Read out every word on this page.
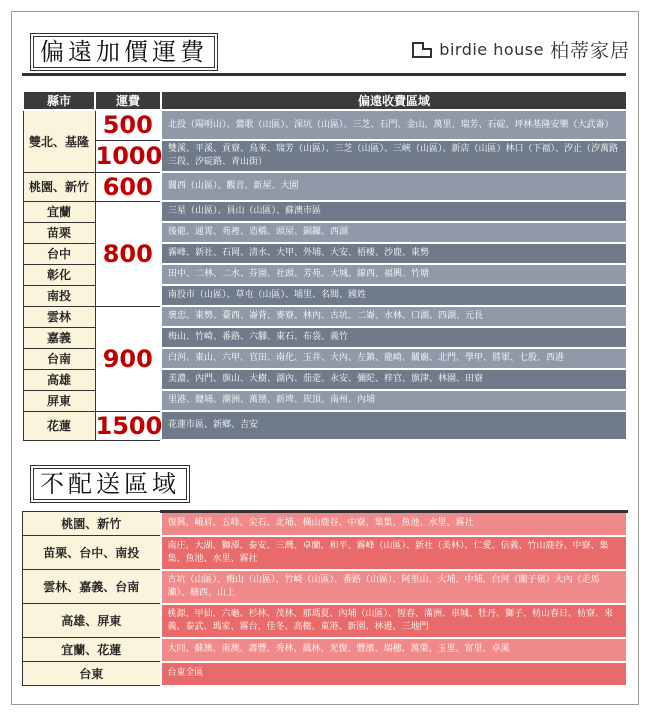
偏遠加價運費	birdie house 柏蒂家居
縣市	運費	偏遠收費區域
雙北、基隆	500	北投（陽明山）、鶯歌（山區）、深坑（山區）、三芝、石門、金山、萬里、瑞芳、石碇、坪林基隆安樂（大武崙）
	1000	雙溪、平溪、貢寮、烏來、瑞芳（山區）、三芝（山區）、三峽（山區）、新店（山區）林口（下福）、汐止（汐萬路三段、汐碇路、青山街）
桃園、新竹	600	關西（山區）、觀音、新屋、大園
宜蘭	800	三星（山區）、員山（山區）、蘇澳市區
苗栗		後龍、通霄、苑裡、造橋、頭屋、銅鑼、西湖
台中		霧峰、新社、石岡、清水、大甲、外埔、大安、梧棲、沙鹿、東勢
彰化		田中、二林、二水、芬園、社頭、芳苑、大城、線西、福興、竹塘
南投		南投市（山區）、草屯（山區）、埔里、名間、國姓
雲林	900	褒忠、東勢、臺西、崙背、麥寮、林內、古坑、二崙、水林、口湖、四湖、元長
嘉義		梅山、竹崎、番路、六腳、東石、布袋、義竹
台南		白河、東山、六甲、官田、南化、玉井、大內、左鎮、龍崎、關廟、北門、學甲、將軍、七股、西港
高雄		美濃、內門、旗山、大樹、湖內、茄萣、永安、彌陀、梓官、旗津、林園、田寮
屏東		里港、鹽埔、潮洲、萬巒、新埤、崁頂、南州、內埔
花蓮	1500	花蓮市區、新鄉、吉安
不配送區域
桃園、新竹	復興、峨眉、五峰、尖石、北埔、橫山鹿谷、中寮、集集、魚池、水里、霧社
苗栗、台中、南投	南庄、大湖、獅潭、泰安、三灣、卓蘭、和平、霧峰（山區）、新社（美林）、仁愛、信義、竹山鹿谷、中寮、集集、魚池、水里、霧社
雲林、嘉義、台南	古坑（山區）、梅山（山區）、竹崎（山區）、番路（山區）、阿里山、大埔、中埔、白河（關子嶺）大內（走馬瀨）、楠西、山上
高雄、屏東	桃源、甲仙、六龜、杉林、茂林、那瑪夏、內埔（山區）、恆春、滿洲、車城、牡丹、獅子、枋山春日、枋寮、來義、泰武、瑪家、霧台、佳冬、高樹、東港、新園、林邊、三地門
宜蘭、花蓮	大同、蘇澳、南澳、壽豐、秀林、鳳林、光復、豐濱、瑞穗、萬榮、玉里、富里、卓溪
台東	台東全區
